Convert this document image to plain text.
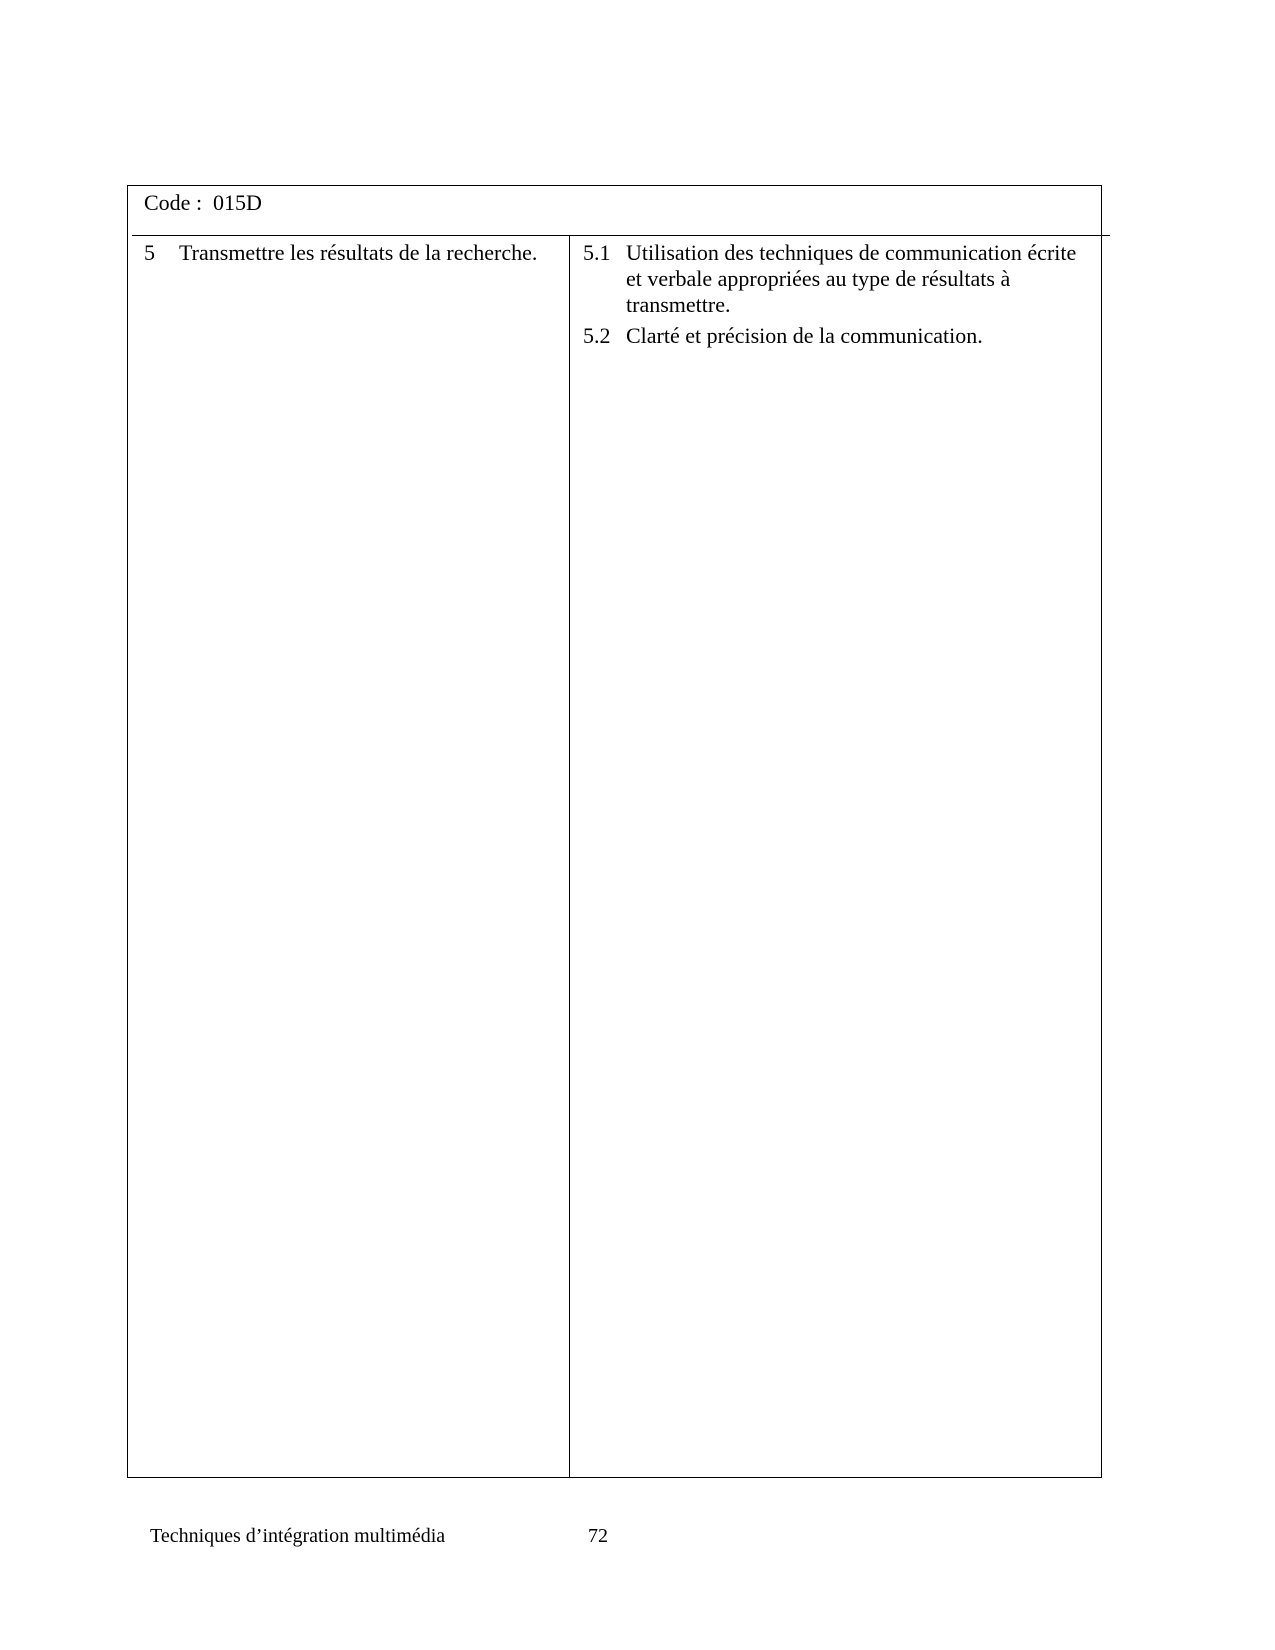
Code :  015D
5	Transmettre les résultats de la recherche.	5.1 Utilisation des techniques de communication écrite et verbale appropriées au type de résultats à transmettre.
5.2 Clarté et précision de la communication.
Techniques d’intégration multimédia	72
